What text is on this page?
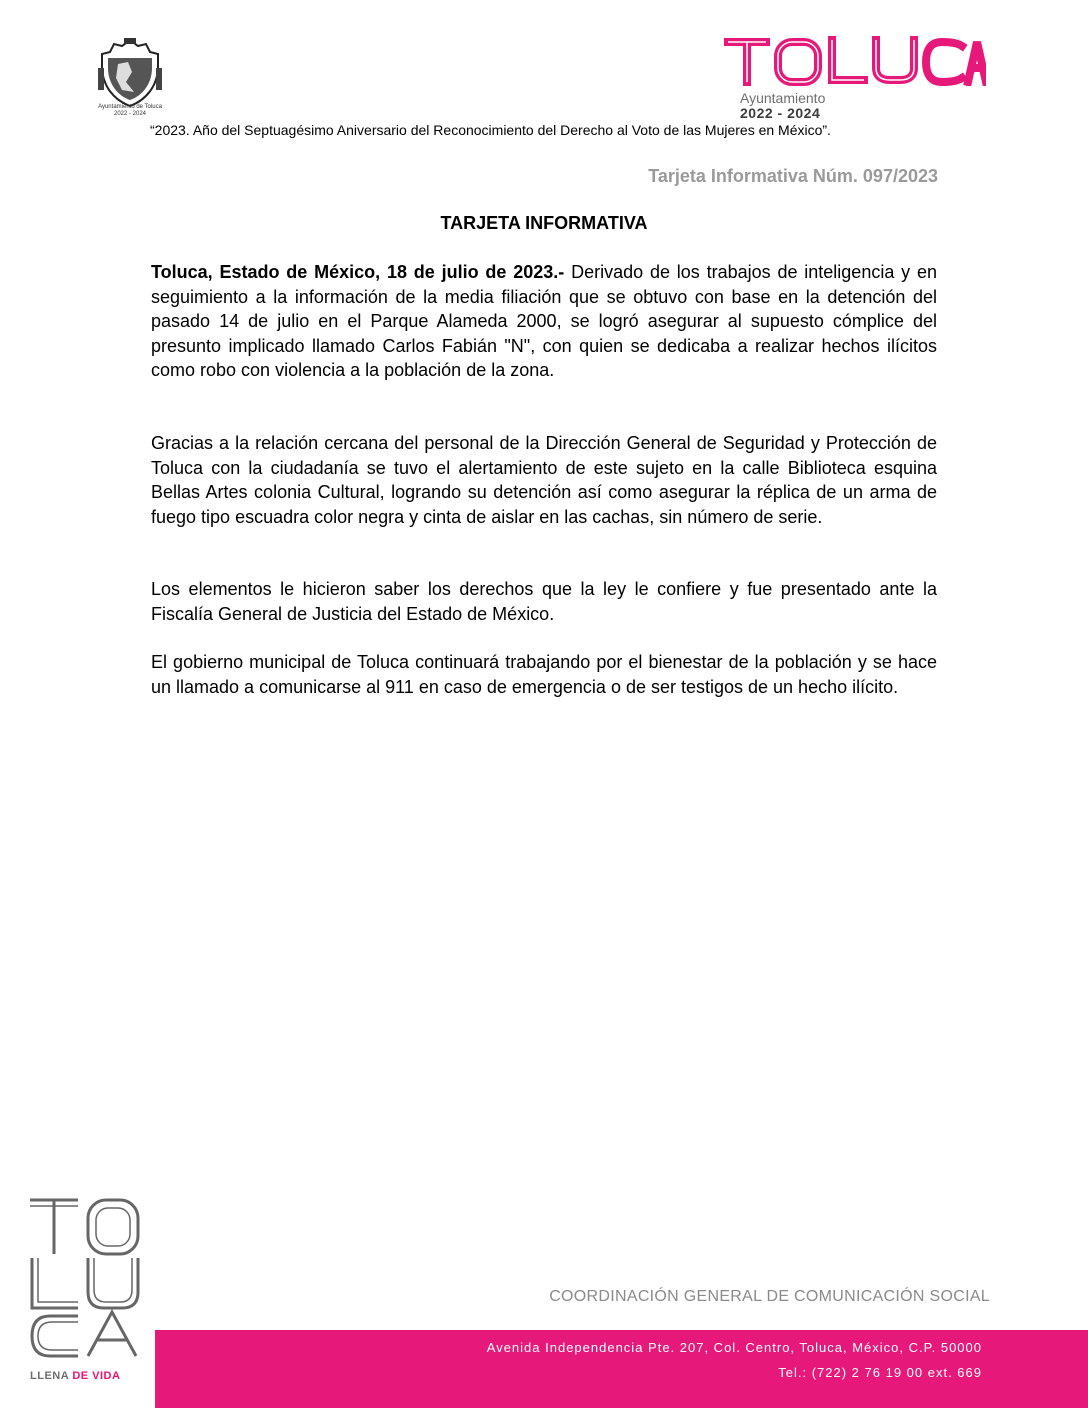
Ayuntamiento de Toluca
2022 - 2024
Ayuntamiento
2022 - 2024
“2023. Año del Septuagésimo Aniversario del Reconocimiento del Derecho al Voto de las Mujeres en México”.
Tarjeta Informativa Núm. 097/2023
TARJETA INFORMATIVA
Toluca, Estado de México, 18 de julio de 2023.- Derivado de los trabajos de inteligencia y en seguimiento a la información de la media filiación que se obtuvo con base en la detención del pasado 14 de julio en el Parque Alameda 2000, se logró asegurar al supuesto cómplice del presunto implicado llamado Carlos Fabián "N", con quien se dedicaba a realizar hechos ilícitos como robo con violencia a la población de la zona.
Gracias a la relación cercana del personal de la Dirección General de Seguridad y Protección de Toluca con la ciudadanía se tuvo el alertamiento de este sujeto en la calle Biblioteca esquina Bellas Artes colonia Cultural, logrando su detención así como asegurar la réplica de un arma de fuego tipo escuadra color negra y cinta de aislar en las cachas, sin número de serie.
Los elementos le hicieron saber los derechos que la ley le confiere y fue presentado ante la Fiscalía General de Justicia del Estado de México.
El gobierno municipal de Toluca continuará trabajando por el bienestar de la población y se hace un llamado a comunicarse al 911 en caso de emergencia o de ser testigos de un hecho ilícito.
LLENA DE VIDA
COORDINACIÓN GENERAL DE COMUNICACIÓN SOCIAL
Avenida Independencia Pte. 207, Col. Centro, Toluca, México, C.P. 50000
Tel.: (722) 2 76 19 00 ext. 669
